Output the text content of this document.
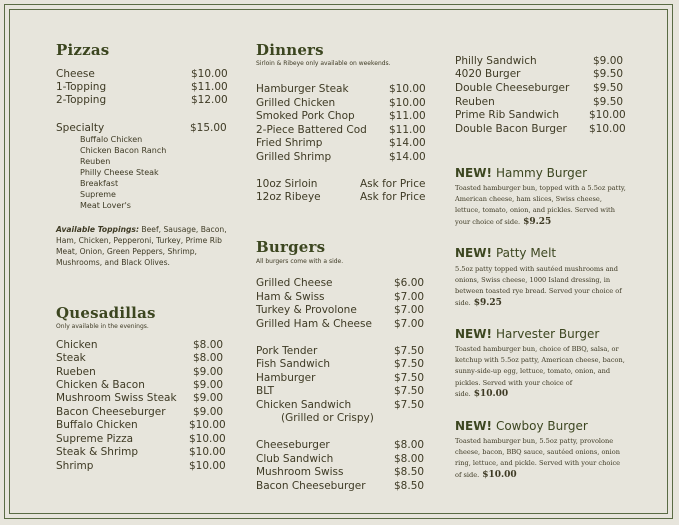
Pizzas
Cheese	$10.00
1-Topping	$11.00
2-Topping	$12.00
Specialty	$15.00
Buffalo Chicken
Chicken Bacon Ranch
Reuben
Philly Cheese Steak
Breakfast
Supreme
Meat Lover's
Available Toppings: Beef, Sausage, Bacon, Ham, Chicken, Pepperoni, Turkey, Prime Rib Meat, Onion, Green Peppers, Shrimp, Mushrooms, and Black Olives.
Quesadillas
Only available in the evenings.
Chicken	$8.00
Steak	$8.00
Rueben	$9.00
Chicken & Bacon	$9.00
Mushroom Swiss Steak $9.00
Bacon Cheeseburger	$9.00
Buffalo Chicken	$10.00
Supreme Pizza	$10.00
Steak & Shrimp	$10.00
Shrimp	$10.00
Dinners
Sirloin & Ribeye only available on weekends.
Hamburger Steak	$10.00
Grilled Chicken	$10.00
Smoked Pork Chop	$11.00
2-Piece Battered Cod $11.00
Fried Shrimp	$14.00
Grilled Shrimp	$14.00
10oz Sirloin	Ask for Price
12oz Ribeye	Ask for Price
Burgers
All burgers come with a side.
Grilled Cheese	$6.00
Ham & Swiss	$7.00
Turkey & Provolone	$7.00
Grilled Ham & Cheese $7.00
Pork Tender	$7.50
Fish Sandwich	$7.50
Hamburger	$7.50
BLT	$7.50
Chicken Sandwich	$7.50
(Grilled or Crispy)
Cheeseburger	$8.00
Club Sandwich	$8.00
Mushroom Swiss	$8.50
Bacon Cheeseburger	$8.50
Philly Sandwich	$9.00
4020 Burger	$9.50
Double Cheeseburger $9.50
Reuben	$9.50
Prime Rib Sandwich	$10.00
Double Bacon Burger $10.00
NEW! Hammy Burger
Toasted hamburger bun, topped with a 5.5oz patty, American cheese, ham slices, Swiss cheese, lettuce, tomato, onion, and pickles. Served with your choice of side. $9.25
NEW! Patty Melt
5.5oz patty topped with sautéed mushrooms and onions, Swiss cheese, 1000 Island dressing, in between toasted rye bread. Served your choice of side. $9.25
NEW! Harvester Burger
Toasted hamburger bun, choice of BBQ, salsa, or ketchup with 5.5oz patty, American cheese, bacon, sunny-side-up egg, lettuce, tomato, onion, and pickles. Served with your choice of side. $10.00
NEW! Cowboy Burger
Toasted hamburger bun, 5.5oz patty, provolone cheese, bacon, BBQ sauce, sautéed onions, onion ring, lettuce, and pickle. Served with your choice of side. $10.00
